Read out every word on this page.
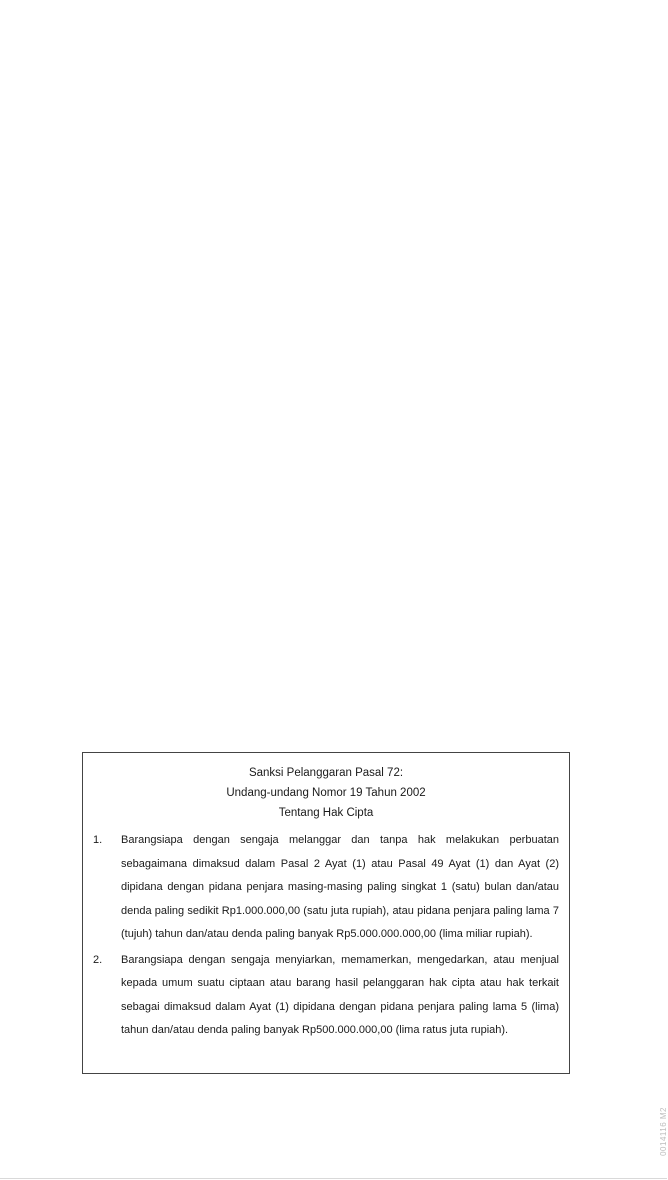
Sanksi Pelanggaran Pasal 72:

Undang-undang Nomor 19 Tahun 2002

Tentang Hak Cipta

1. Barangsiapa dengan sengaja melanggar dan tanpa hak melakukan perbuatan sebagaimana dimaksud dalam Pasal 2 Ayat (1) atau Pasal 49 Ayat (1) dan Ayat (2) dipidana dengan pidana penjara masing-masing paling singkat 1 (satu) bulan dan/atau denda paling sedikit Rp1.000.000,00 (satu juta rupiah), atau pidana penjara paling lama 7 (tujuh) tahun dan/atau denda paling banyak Rp5.000.000.000,00 (lima miliar rupiah).
2. Barangsiapa dengan sengaja menyiarkan, memamerkan, mengedarkan, atau menjual kepada umum suatu ciptaan atau barang hasil pelanggaran hak cipta atau hak terkait sebagai dimaksud dalam Ayat (1) dipidana dengan pidana penjara paling lama 5 (lima) tahun dan/atau denda paling banyak Rp500.000.000,00 (lima ratus juta rupiah).
0014116 M2
